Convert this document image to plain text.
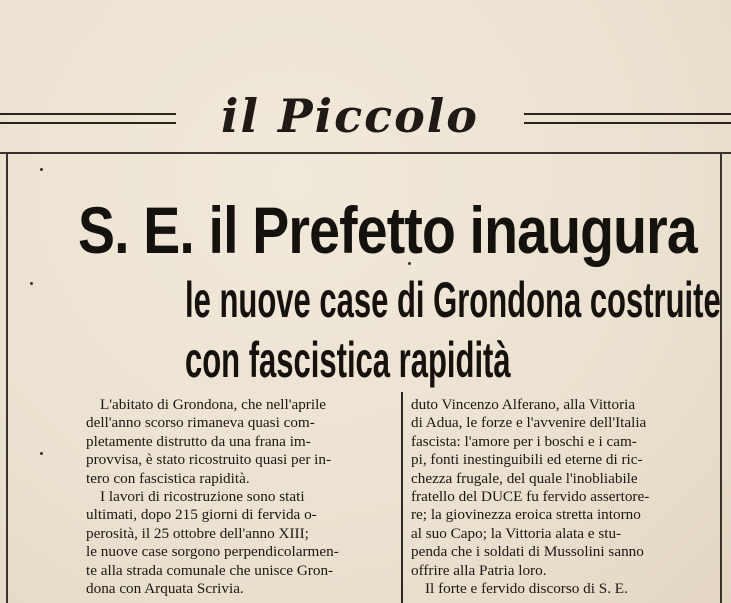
il Piccolo
S. E. il Prefetto inaugura
le nuove case di Grondona costruite
con fascistica rapidità
L'abitato di Grondona, che nell'aprile
dell'anno scorso rimaneva quasi com-
pletamente distrutto da una frana im-
provvisa, è stato ricostruito quasi per in-
tero con fascistica rapidità.
I lavori di ricostruzione sono stati
ultimati, dopo 215 giorni di fervida o-
perosità, il 25 ottobre dell'anno XIII;
le nuove case sorgono perpendicolarmen-
te alla strada comunale che unisce Gron-
dona con Arquata Scrivia.
duto Vincenzo Alferano, alla Vittoria
di Adua, le forze e l'avvenire dell'Italia
fascista: l'amore per i boschi e i cam-
pi, fonti inestinguibili ed eterne di ric-
chezza frugale, del quale l'inobliabile
fratello del DUCE fu fervido assertore-
re; la giovinezza eroica stretta intorno
al suo Capo; la Vittoria alata e stu-
penda che i soldati di Mussolini sanno
offrire alla Patria loro.
Il forte e fervido discorso di S. E.
